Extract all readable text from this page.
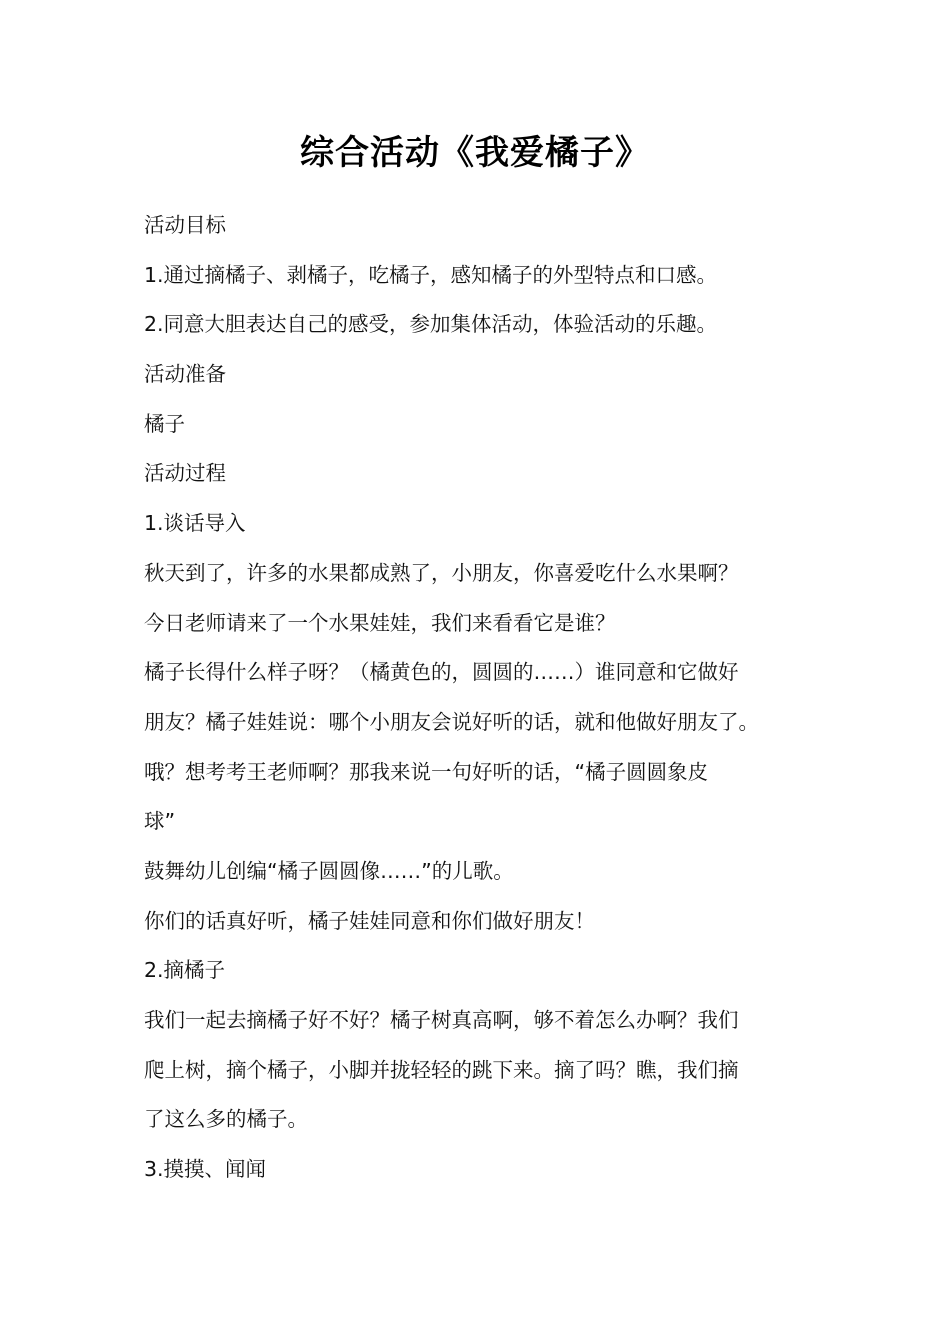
综合活动《我爱橘子》

活动目标

1.通过摘橘子、剥橘子，吃橘子，感知橘子的外型特点和口感。

2.同意大胆表达自己的感受，参加集体活动，体验活动的乐趣。

活动准备

橘子

活动过程

1.谈话导入

秋天到了，许多的水果都成熟了，小朋友，你喜爱吃什么水果啊？

今日老师请来了一个水果娃娃，我们来看看它是谁？

橘子长得什么样子呀？（橘黄色的，圆圆的……）谁同意和它做好

朋友？橘子娃娃说：哪个小朋友会说好听的话，就和他做好朋友了。

哦？想考考王老师啊？那我来说一句好听的话，“橘子圆圆象皮

球”

鼓舞幼儿创编“橘子圆圆像……”的儿歌。

你们的话真好听，橘子娃娃同意和你们做好朋友！

2.摘橘子

我们一起去摘橘子好不好？橘子树真高啊，够不着怎么办啊？我们

爬上树，摘个橘子，小脚并拢轻轻的跳下来。摘了吗？瞧，我们摘

了这么多的橘子。

3.摸摸、闻闻
